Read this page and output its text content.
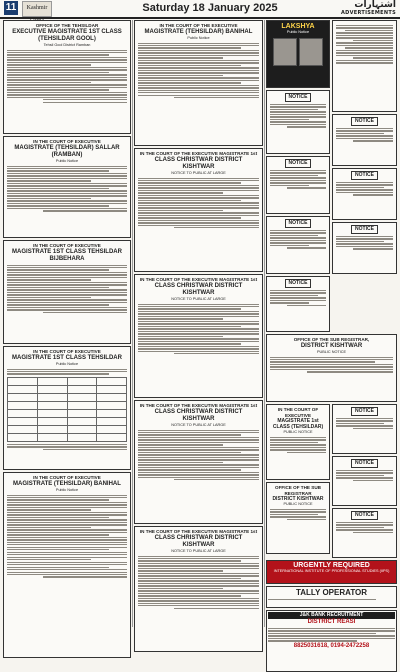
11	Kashmir	Saturday 18 January 2025	اشتہارات
ADVERTISEMENTS
OFFICE OF THE TEHSILDAR
EXECUTIVE MAGISTRATE 1ST CLASS (TEHSILDAR GOOL)
Tehsil Gool District Ramban
IN THE COURT OF EXECUTIVE
MAGISTRATE (TEHSILDAR) SALLAR (RAMBAN)
Public Notice
IN THE COURT OF EXECUTIVE
MAGISTRATE 1ST CLASS TEHSILDAR BIJBEHARA
IN THE COURT OF EXECUTIVE
MAGISTRATE 1ST CLASS TEHSILDAR
Public Notice

IN THE COURT OF EXECUTIVE
MAGISTRATE (TEHSILDAR) BANIHAL
Public Notice
IN THE COURT OF THE EXECUTIVE
MAGISTRATE (TEHSILDAR) BANIHAL
Public Notice
IN THE COURT OF THE EXECUTIVE MAGISTRATE 1st
CLASS CHRISTWAR DISTRICT KISHTWAR
NOTICE TO PUBLIC AT LARGE
IN THE COURT OF THE EXECUTIVE MAGISTRATE 1st
CLASS CHRISTWAR DISTRICT KISHTWAR
NOTICE TO PUBLIC AT LARGE
IN THE COURT OF THE EXECUTIVE MAGISTRATE 1st
CLASS CHRISTWAR DISTRICT KISHTWAR
NOTICE TO PUBLIC AT LARGE
IN THE COURT OF THE EXECUTIVE MAGISTRATE 1st
CLASS CHRISTWAR DISTRICT KISHTWAR
NOTICE TO PUBLIC AT LARGE
LAKSHYA
Public Notice
NOTICE
NOTICE
NOTICE
NOTICE
NOTICE
NOTICE
NOTICE
OFFICE OF THE SUB REGISTRAR,
DISTRICT KISHTWAR
PUBLIC NOTICE
IN THE COURT OF EXECUTIVE
MAGISTRATE 1st CLASS (TEHSILDAR)
PUBLIC NOTICE
OFFICE OF THE SUB REGISTRAR
DISTRICT KISHTWAR
PUBLIC NOTICE
NOTICE
NOTICE
NOTICE
URGENTLY REQUIRED
INTERNATIONAL INSTITUTE OF PROFESSIONAL STUDIES (IIPS)
TALLY OPERATOR
J&K BANK RECRUITMENT
DISTRICT REASI
8825031618, 0194-2472258
